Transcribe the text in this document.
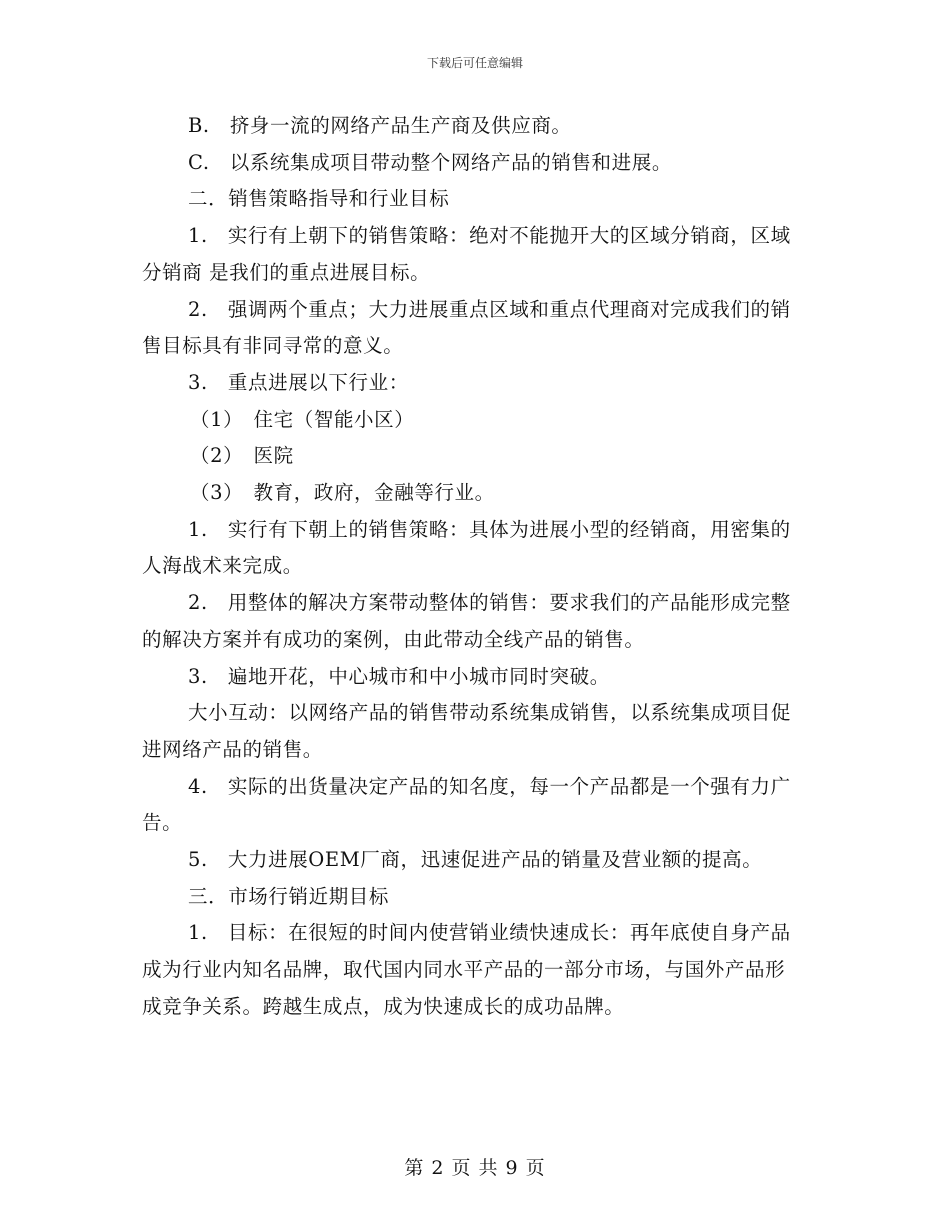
下载后可任意编辑

B.　挤身一流的网络产品生产商及供应商。

C.　以系统集成项目带动整个网络产品的销售和进展。

二．销售策略指导和行业目标

1.　实行有上朝下的销售策略：绝对不能抛开大的区域分销商，区域分销商 是我们的重点进展目标。

2.　强调两个重点；大力进展重点区域和重点代理商对完成我们的销售目标具有非同寻常的意义。

3.　重点进展以下行业：

（1）　住宅（智能小区）

（2）　医院

（3）　教育，政府，金融等行业。

1.　实行有下朝上的销售策略：具体为进展小型的经销商，用密集的人海战术来完成。

2.　用整体的解决方案带动整体的销售：要求我们的产品能形成完整的解决方案并有成功的案例，由此带动全线产品的销售。

3.　遍地开花，中心城市和中小城市同时突破。

大小互动：以网络产品的销售带动系统集成销售，以系统集成项目促进网络产品的销售。

4.　实际的出货量决定产品的知名度，每一个产品都是一个强有力广告。

5.　大力进展OEM厂商，迅速促进产品的销量及营业额的提高。

三．市场行销近期目标

1.　目标：在很短的时间内使营销业绩快速成长：再年底使自身产品成为行业内知名品牌，取代国内同水平产品的一部分市场，与国外产品形成竞争关系。跨越生成点，成为快速成长的成功品牌。

第 2 页 共 9 页
